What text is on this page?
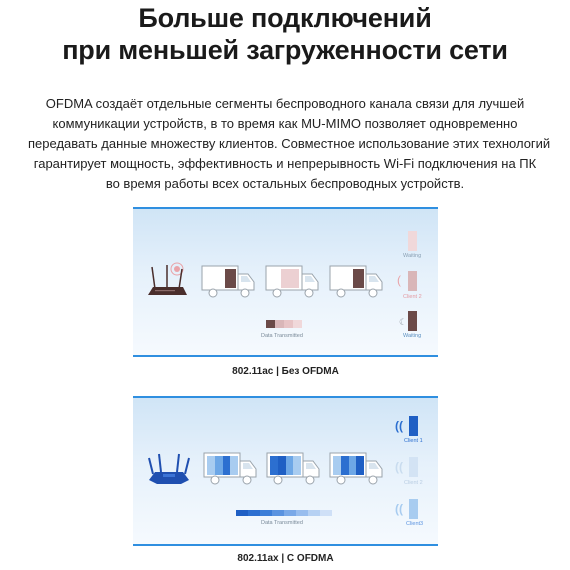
Больше подключений
при меньшей загруженности сети
OFDMA создаёт отдельные сегменты беспроводного канала связи для лучшей
коммуникации устройств, в то время как MU-MIMO позволяет одновременно
передавать данные множеству клиентов. Совместное использование этих технологий
гарантирует мощность, эффективность и непрерывность Wi-Fi подключения на ПК
во время работы всех остальных беспроводных устройств.
Data Transmitted
Waiting
(
Client 2
☾
Waiting
802.11ac | Без OFDMA
Data Transmitted
((
Client 1
((
Client 2
((
Client3
802.11ax | С OFDMA
